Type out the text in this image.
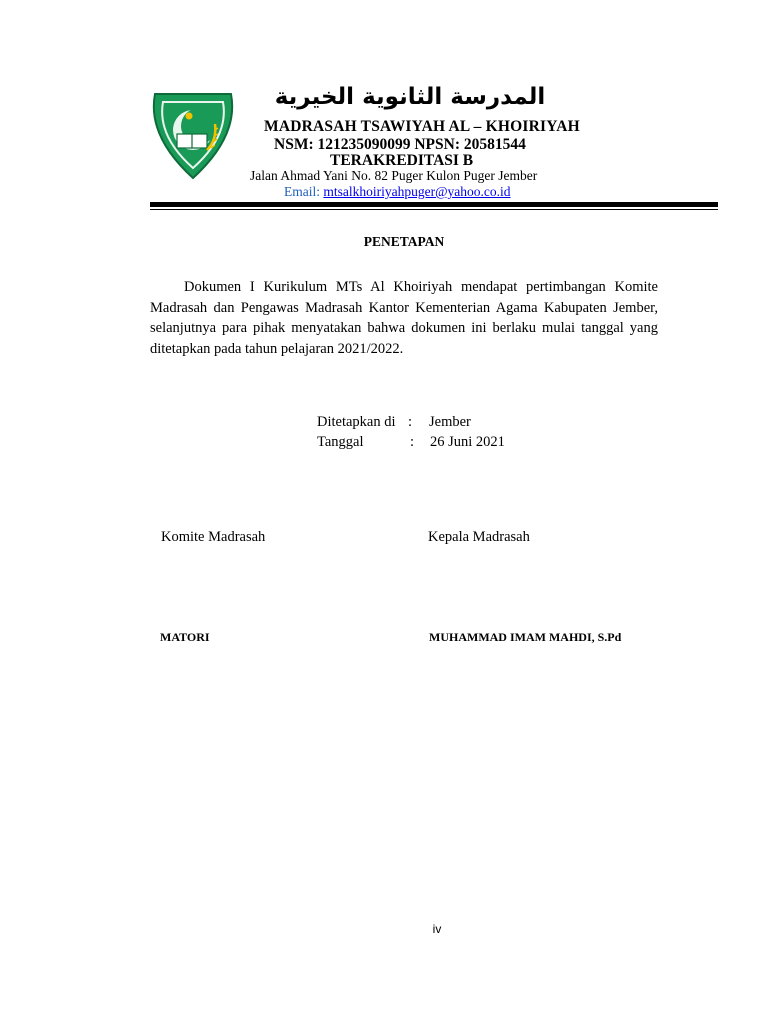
المدرسة الثانوية الخيرية
MADRASAH TSAWIYAH AL – KHOIRIYAH
NSM: 121235090099 NPSN: 20581544
TERAKREDITASI B
Jalan Ahmad Yani No. 82 Puger Kulon Puger Jember
Email: mtsalkhoiriyahpuger@yahoo.co.id
PENETAPAN
Dokumen I Kurikulum MTs Al Khoiriyah mendapat pertimbangan Komite Madrasah dan Pengawas Madrasah Kantor Kementerian Agama Kabupaten Jember, selanjutnya para pihak menyatakan bahwa dokumen ini berlaku mulai tanggal yang ditetapkan pada tahun pelajaran 2021/2022.
Ditetapkan di : Jember
Tanggal	: 26 Juni 2021
Komite Madrasah	Kepala Madrasah
MATORI	MUHAMMAD IMAM MAHDI, S.Pd
iv
